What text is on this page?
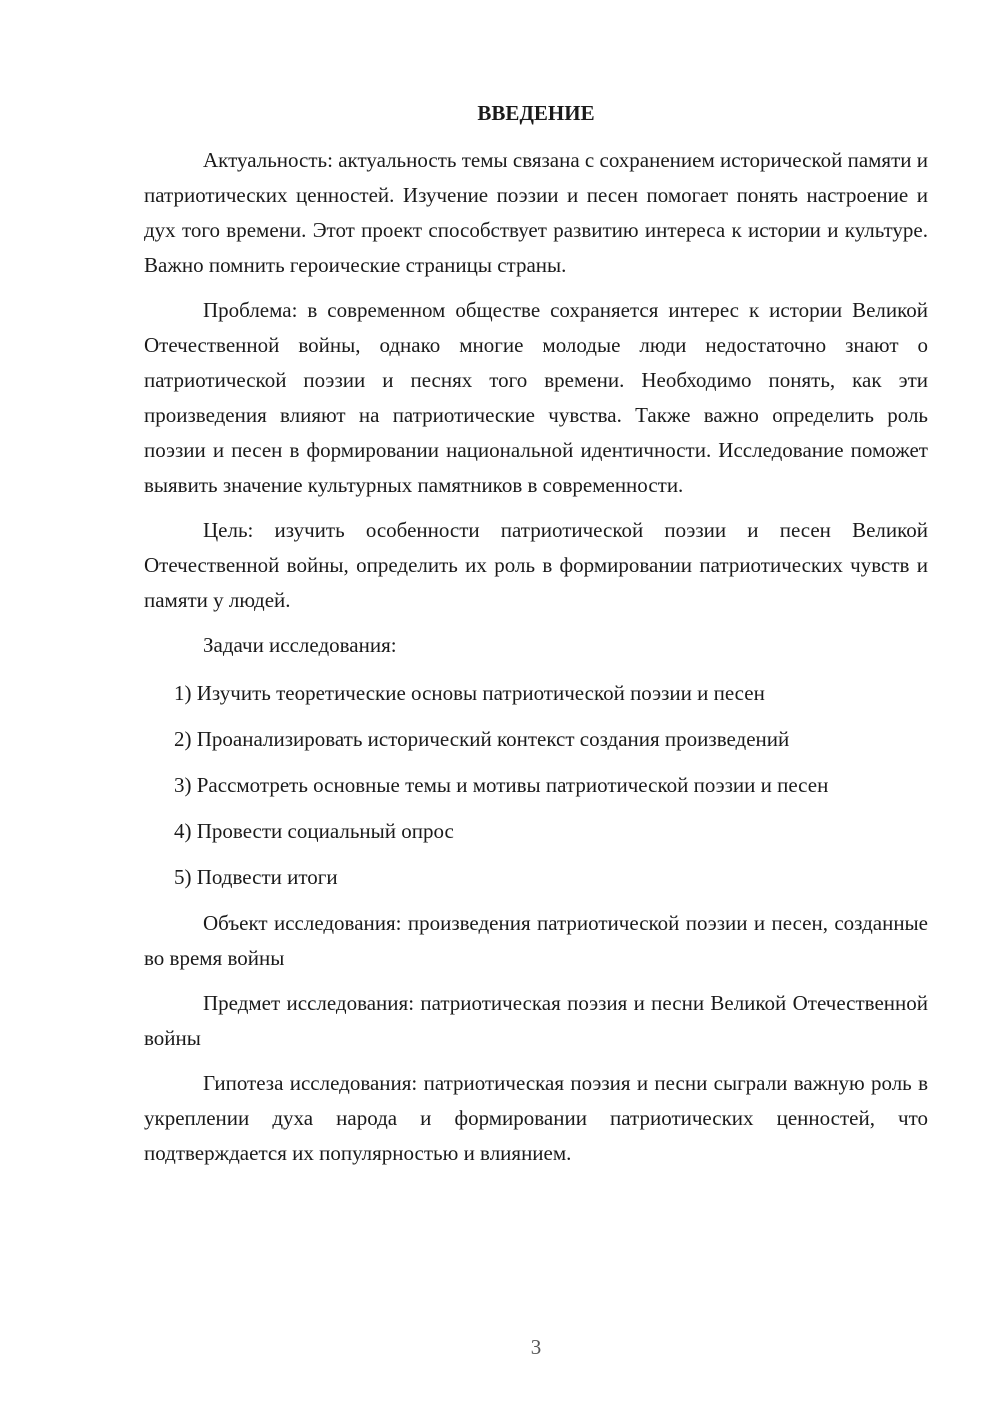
ВВЕДЕНИЕ

Актуальность: актуальность темы связана с сохранением исторической памяти и патриотических ценностей. Изучение поэзии и песен помогает понять настроение и дух того времени. Этот проект способствует развитию интереса к истории и культуре. Важно помнить героические страницы страны.

Проблема: в современном обществе сохраняется интерес к истории Великой Отечественной войны, однако многие молодые люди недостаточно знают о патриотической поэзии и песнях того времени. Необходимо понять, как эти произведения влияют на патриотические чувства. Также важно определить роль поэзии и песен в формировании национальной идентичности. Исследование поможет выявить значение культурных памятников в современности.

Цель: изучить особенности патриотической поэзии и песен Великой Отечественной войны, определить их роль в формировании патриотических чувств и памяти у людей.

Задачи исследования:

1) Изучить теоретические основы патриотической поэзии и песен

2) Проанализировать исторический контекст создания произведений

3) Рассмотреть основные темы и мотивы патриотической поэзии и песен

4) Провести социальный опрос

5) Подвести итоги

Объект исследования: произведения патриотической поэзии и песен, созданные во время войны

Предмет исследования: патриотическая поэзия и песни Великой Отечественной войны

Гипотеза исследования: патриотическая поэзия и песни сыграли важную роль в укреплении духа народа и формировании патриотических ценностей, что подтверждается их популярностью и влиянием.

3
